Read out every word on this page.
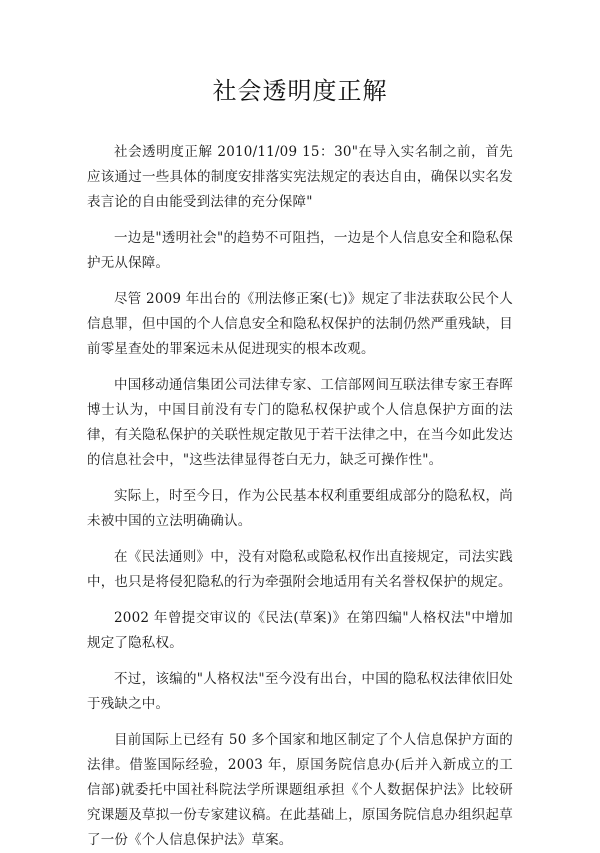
社会透明度正解

社会透明度正解 2010/11/09 15：30"在导入实名制之前，首先应该通过一些具体的制度安排落实宪法规定的表达自由，确保以实名发表言论的自由能受到法律的充分保障"

一边是"透明社会"的趋势不可阻挡，一边是个人信息安全和隐私保护无从保障。

尽管 2009 年出台的《刑法修正案(七)》规定了非法获取公民个人信息罪，但中国的个人信息安全和隐私权保护的法制仍然严重残缺，目前零星查处的罪案远未从促进现实的根本改观。

中国移动通信集团公司法律专家、工信部网间互联法律专家王春晖博士认为，中国目前没有专门的隐私权保护或个人信息保护方面的法律，有关隐私保护的关联性规定散见于若干法律之中，在当今如此发达的信息社会中，"这些法律显得苍白无力，缺乏可操作性"。

实际上，时至今日，作为公民基本权利重要组成部分的隐私权，尚未被中国的立法明确确认。

在《民法通则》中，没有对隐私或隐私权作出直接规定，司法实践中，也只是将侵犯隐私的行为牵强附会地适用有关名誉权保护的规定。

2002 年曾提交审议的《民法(草案)》在第四编"人格权法"中增加规定了隐私权。

不过，该编的"人格权法"至今没有出台，中国的隐私权法律依旧处于残缺之中。

目前国际上已经有 50 多个国家和地区制定了个人信息保护方面的法律。借鉴国际经验，2003 年，原国务院信息办(后并入新成立的工信部)就委托中国社科院法学所课题组承担《个人数据保护法》比较研究课题及草拟一份专家建议稿。在此基础上，原国务院信息办组织起草了一份《个人信息保护法》草案。
